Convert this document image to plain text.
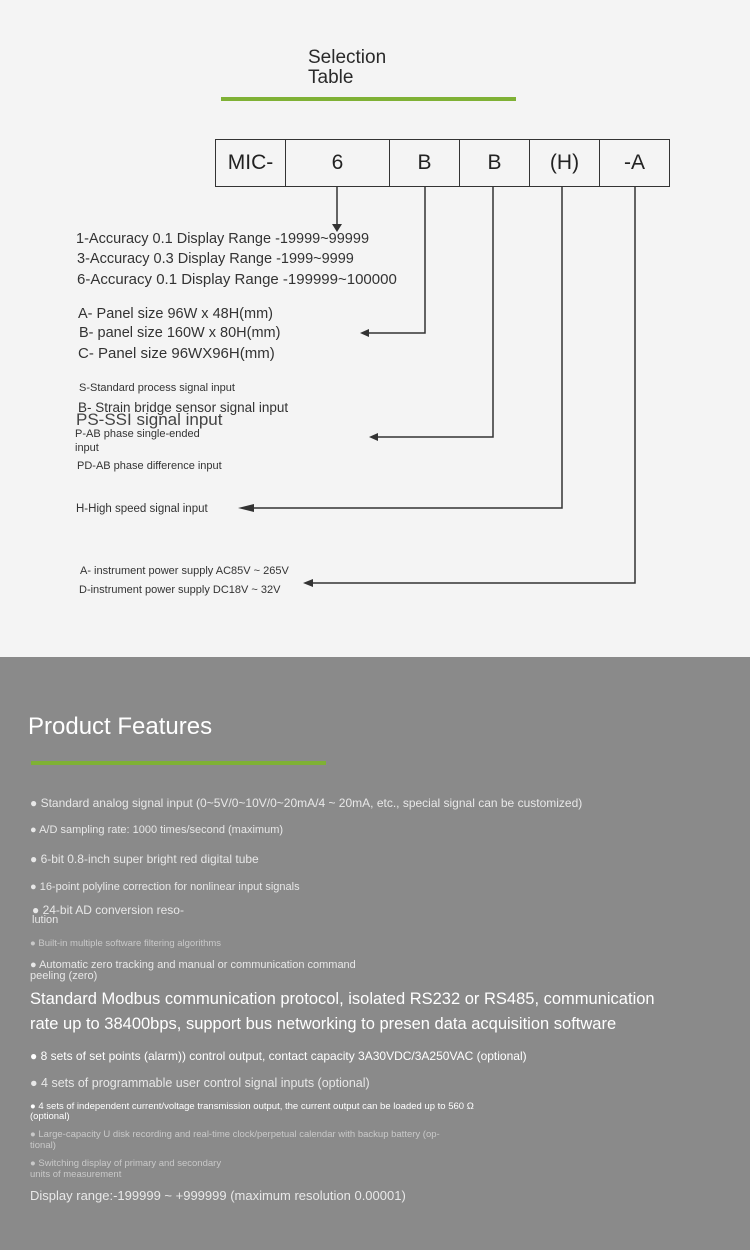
Selection
Table
MIC-	6	B	B	(H)	-A
1-Accuracy 0.1 Display Range -19999~99999
3-Accuracy 0.3 Display Range -1999~9999
6-Accuracy 0.1 Display Range -199999~100000
A- Panel size 96W x 48H(mm)
B- panel size 160W x 80H(mm)
C- Panel size 96WX96H(mm)
S-Standard process signal input
B- Strain bridge sensor signal input
PS-SSI signal input
P-AB phase single-ended
input
PD-AB phase difference input
H-High speed signal input
A- instrument power supply AC85V ~ 265V
D-instrument power supply DC18V ~ 32V
Product Features
● Standard analog signal input (0~5V/0~10V/0~20mA/4 ~ 20mA, etc., special signal can be customized)
● A/D sampling rate: 1000 times/second (maximum)
● 6-bit 0.8-inch super bright red digital tube
● 16-point polyline correction for nonlinear input signals
● 24-bit AD conversion reso-
lution
● Built-in multiple software filtering algorithms
● Automatic zero tracking and manual or communication command
peeling (zero)
Standard Modbus communication protocol, isolated RS232 or RS485, communication
rate up to 38400bps, support bus networking to presen data acquisition software
● 8 sets of set points (alarm)) control output, contact capacity 3A30VDC/3A250VAC (optional)
● 4 sets of programmable user control signal inputs (optional)
● 4 sets of independent current/voltage transmission output, the current output can be loaded up to 560 Ω
(optional)
● Large-capacity U disk recording and real-time clock/perpetual calendar with backup battery (op-
tional)
● Switching display of primary and secondary
units of measurement
Display range:-199999 ~ +999999 (maximum resolution 0.00001)
